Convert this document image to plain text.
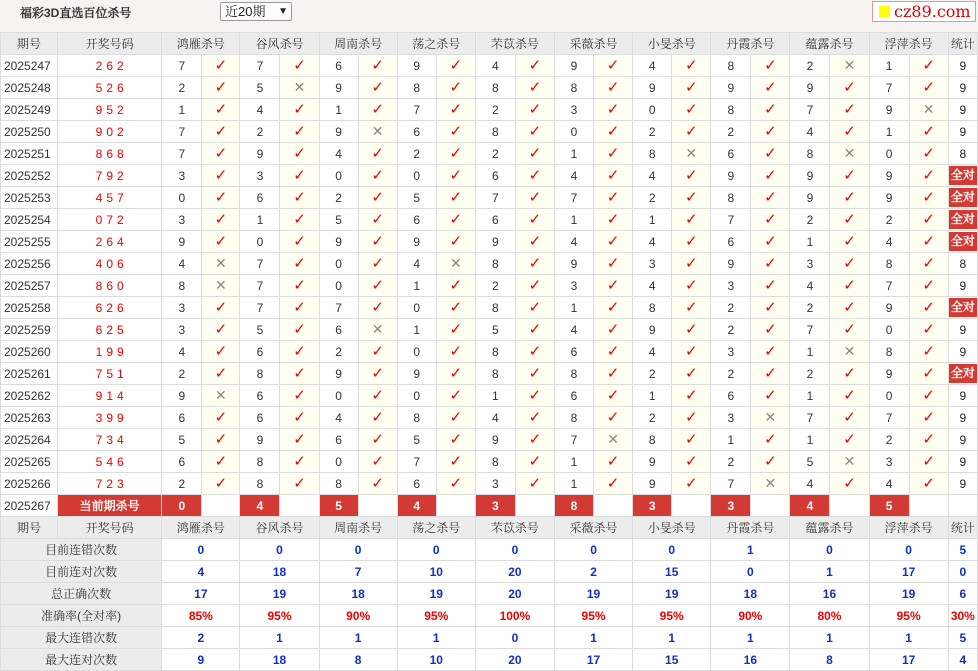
福彩3D直选百位杀号	近20期 ▼	cz89.com
期号	开奖号码	鸿雁杀号		谷风杀号		周南杀号		荡之杀号		芣苡杀号		采薇杀号		小旻杀号		丹霞杀号		蕴露杀号		浮萍杀号		统计
2025247	262	7	✓	7	✓	6	✓	9	✓	4	✓	9	✓	4	✓	8	✓	2	✕	1	✓	9
2025248	526	2	✓	5	✕	9	✓	8	✓	8	✓	8	✓	9	✓	9	✓	9	✓	7	✓	9
2025249	952	1	✓	4	✓	1	✓	7	✓	2	✓	3	✓	0	✓	8	✓	7	✓	9	✕	9
2025250	902	7	✓	2	✓	9	✕	6	✓	8	✓	0	✓	2	✓	2	✓	4	✓	1	✓	9
2025251	868	7	✓	9	✓	4	✓	2	✓	2	✓	1	✓	8	✕	6	✓	8	✕	0	✓	8
2025252	792	3	✓	3	✓	0	✓	0	✓	6	✓	4	✓	4	✓	9	✓	9	✓	9	✓	全对
2025253	457	0	✓	6	✓	2	✓	5	✓	7	✓	7	✓	2	✓	8	✓	9	✓	9	✓	全对
2025254	072	3	✓	1	✓	5	✓	6	✓	6	✓	1	✓	1	✓	7	✓	2	✓	2	✓	全对
2025255	264	9	✓	0	✓	9	✓	9	✓	9	✓	4	✓	4	✓	6	✓	1	✓	4	✓	全对
2025256	406	4	✕	7	✓	0	✓	4	✕	8	✓	9	✓	3	✓	9	✓	3	✓	8	✓	8
2025257	860	8	✕	7	✓	0	✓	1	✓	2	✓	3	✓	4	✓	3	✓	4	✓	7	✓	9
2025258	626	3	✓	7	✓	7	✓	0	✓	8	✓	1	✓	8	✓	2	✓	2	✓	9	✓	全对
2025259	625	3	✓	5	✓	6	✕	1	✓	5	✓	4	✓	9	✓	2	✓	7	✓	0	✓	9
2025260	199	4	✓	6	✓	2	✓	0	✓	8	✓	6	✓	4	✓	3	✓	1	✕	8	✓	9
2025261	751	2	✓	8	✓	9	✓	9	✓	8	✓	8	✓	2	✓	2	✓	2	✓	9	✓	全对
2025262	914	9	✕	6	✓	0	✓	0	✓	1	✓	6	✓	1	✓	6	✓	1	✓	0	✓	9
2025263	399	6	✓	6	✓	4	✓	8	✓	4	✓	8	✓	2	✓	3	✕	7	✓	7	✓	9
2025264	734	5	✓	9	✓	6	✓	5	✓	9	✓	7	✕	8	✓	1	✓	1	✓	2	✓	9
2025265	546	6	✓	8	✓	0	✓	7	✓	8	✓	1	✓	9	✓	2	✓	5	✕	3	✓	9
2025266	723	2	✓	8	✓	8	✓	6	✓	3	✓	1	✓	9	✓	7	✕	4	✓	4	✓	9
2025267	当前期杀号	0		4		5		4		3		8		3		3		4		5		
期号	开奖号码	鸿雁杀号		谷风杀号		周南杀号		荡之杀号		芣苡杀号		采薇杀号		小旻杀号		丹霞杀号		蕴露杀号		浮萍杀号		统计
目前连错次数		0		0		0		0		0		0		0		1		0		0		5
目前连对次数		4		18		7		10		20		2		15		0		1		17		0
总正确次数		17		19		18		19		20		19		19		18		16		19		6
准确率(全对率)		85%		95%		90%		95%		100%		95%		95%		90%		80%		95%		30%
最大连错次数		2		1		1		1		0		1		1		1		1		1		5
最大连对次数		9		18		8		10		20		17		15		16		8		17		4
